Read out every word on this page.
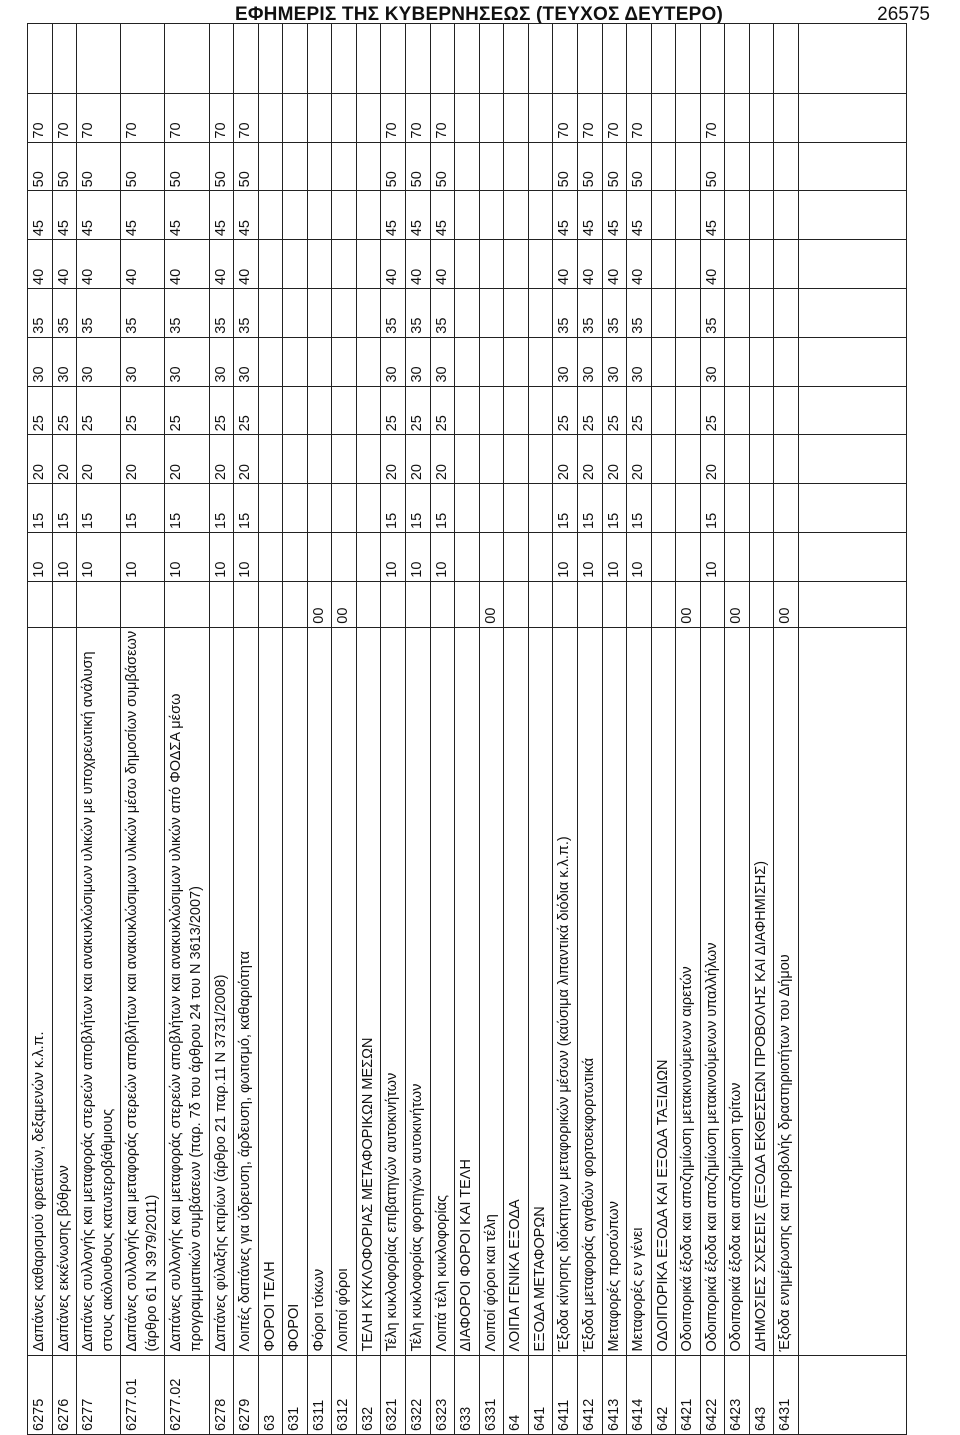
ΕΦΗΜΕΡΙΣ ΤΗΣ ΚΥΒΕΡΝΗΣΕΩΣ (ΤΕΥΧΟΣ ΔΕΥΤΕΡΟ)	26575
6275	Δαπάνες καθαρισμού φρεατίων, δεξαμενών κ.λ.π.		10	15	20	25	30	35	40	45	50	70	
6276	Δαπάνες εκκένωσης βόθρων		10	15	20	25	30	35	40	45	50	70	
6277	Δαπάνες συλλογής και μεταφοράς στερεών αποβλήτων και ανακυκλώσιμων υλικών με υποχρεωτική ανάλυση στους ακόλουθους κατωτεροβάθμιους		10	15	20	25	30	35	40	45	50	70	
6277.01	Δαπάνες συλλογής και μεταφοράς στερεών αποβλήτων και ανακυκλώσιμων υλικών μέσω δημοσίων συμβάσεων (άρθρο 61 Ν 3979/2011)		10	15	20	25	30	35	40	45	50	70	
6277.02	Δαπάνες συλλογής και μεταφοράς στερεών αποβλήτων και ανακυκλώσιμων υλικών από ΦΟΔΣΑ μέσω προγραμματικών συμβάσεων (παρ. 7δ του άρθρου 24 του Ν 3613/2007)		10	15	20	25	30	35	40	45	50	70	
6278	Δαπάνες φύλαξης κτιρίων (άρθρο 21 παρ.11 Ν 3731/2008)		10	15	20	25	30	35	40	45	50	70	
6279	Λοιπές δαπάνες για ύδρευση, άρδευση, φωτισμό, καθαριότητα		10	15	20	25	30	35	40	45	50	70	
63	ΦΟΡΟΙ ΤΕΛΗ												
631	ΦΟΡΟΙ												
6311	Φόροι τόκων	00											
6312	Λοιποί φόροι	00											
632	ΤΕΛΗ ΚΥΚΛΟΦΟΡΙΑΣ ΜΕΤΑΦΟΡΙΚΩΝ ΜΕΣΩΝ												
6321	Τέλη κυκλοφορίας επιβατηγών αυτοκινήτων		10	15	20	25	30	35	40	45	50	70	
6322	Τέλη κυκλοφορίας φορτηγών αυτοκινήτων		10	15	20	25	30	35	40	45	50	70	
6323	Λοιπά τέλη κυκλοφορίας		10	15	20	25	30	35	40	45	50	70	
633	ΔΙΑΦΟΡΟΙ ΦΟΡΟΙ ΚΑΙ ΤΕΛΗ												
6331	Λοιποί φόροι και τέλη	00											
64	ΛΟΙΠΑ ΓΕΝΙΚΑ ΕΞΟΔΑ												
641	ΕΞΟΔΑ ΜΕΤΑΦΟΡΩΝ												
6411	Έξοδα κίνησης ιδιόκτητων μεταφορικών μέσων (καύσιμα λιπαντικά διόδια κ.λ.π.)		10	15	20	25	30	35	40	45	50	70	
6412	Έξοδα μεταφοράς αγαθών φορτοεκφορτωτικά		10	15	20	25	30	35	40	45	50	70	
6413	Μεταφορές προσώπων		10	15	20	25	30	35	40	45	50	70	
6414	Μεταφορές εν γένει		10	15	20	25	30	35	40	45	50	70	
642	ΟΔΟΙΠΟΡΙΚΑ ΕΞΟΔΑ ΚΑΙ ΕΞΟΔΑ ΤΑΞΙΔΙΩΝ												
6421	Οδοιπορικά έξοδα και αποζημίωση μετακινούμενων αιρετών	00											
6422	Οδοιπορικά έξοδα και αποζημίωση μετακινούμενων υπαλλήλων		10	15	20	25	30	35	40	45	50	70	
6423	Οδοιπορικά έξοδα και αποζημίωση τρίτων	00											
643	ΔΗΜΟΣΙΕΣ ΣΧΕΣΕΙΣ (ΕΞΟΔΑ ΕΚΘΕΣΕΩΝ ΠΡΟΒΟΛΗΣ ΚΑΙ ΔΙΑΦΗΜΙΣΗΣ)												
6431	Έξοδα ενημέρωσης και προβολής δραστηριοτήτων του Δήμου	00											
